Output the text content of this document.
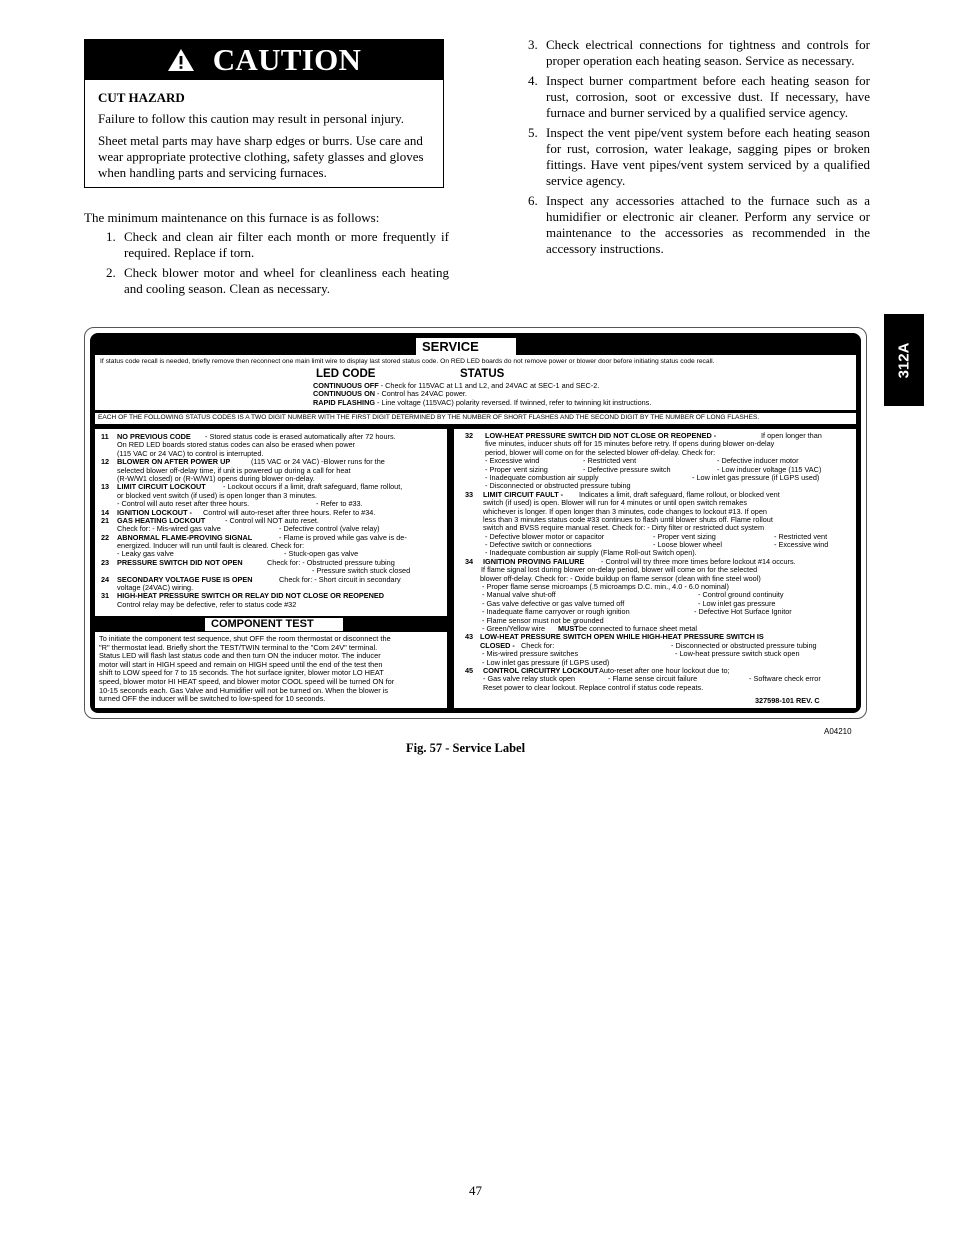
CAUTION
CUT HAZARD

Failure to follow this caution may result in personal injury.

Sheet metal parts may have sharp edges or burrs. Use care and wear appropriate protective clothing, safety glasses and gloves when handling parts and servicing furnaces.

The minimum maintenance on this furnace is as follows:
1. Check and clean air filter each month or more frequently if required. Replace if torn.
2. Check blower motor and wheel for cleanliness each heating and cooling season. Clean as necessary.
3. Check electrical connections for tightness and controls for proper operation each heating season. Service as necessary.
4. Inspect burner compartment before each heating season for rust, corrosion, soot or excessive dust. If necessary, have furnace and burner serviced by a qualified service agency.
5. Inspect the vent pipe/vent system before each heating season for rust, corrosion, water leakage, sagging pipes or broken fittings. Have vent pipes/vent system serviced by a qualified service agency.
6. Inspect any accessories attached to the furnace such as a humidifier or electronic air cleaner. Perform any service or maintenance to the accessories as recommended in the accessory instructions.
312A
SERVICE
If status code recall is needed, briefly remove then reconnect one main limit wire to display last stored status code. On RED LED boards do not remove power or blower door before initiating status code recall.
LED CODE	STATUS
CONTINUOUS OFF - Check for 115VAC at L1 and L2, and 24VAC at SEC-1 and SEC-2.
CONTINUOUS ON - Control has 24VAC power.
RAPID FLASHING - Line voltage (115VAC) polarity reversed. If twinned, refer to twinning kit instructions.
EACH OF THE FOLLOWING STATUS CODES IS A TWO DIGIT NUMBER WITH THE FIRST DIGIT DETERMINED BY THE NUMBER OF SHORT FLASHES AND THE SECOND DIGIT BY THE NUMBER OF LONG FLASHES.
11 NO PREVIOUS CODE - Stored status code is erased automatically after 72 hours.
On RED LED boards stored status codes can also be erased when power
(115 VAC or 24 VAC) to control is interrupted.
12 BLOWER ON AFTER POWER UP	(115 VAC or 24 VAC) -Blower runs for the
selected blower off-delay time, if unit is powered up during a call for heat
(R-W/W1 closed) or (R-W/W1) opens during blower on-delay.
13 LIMIT CIRCUIT LOCKOUT - Lockout occurs if a limit, draft safeguard, flame rollout,
or blocked vent switch (if used) is open longer than 3 minutes.
- Control will auto reset after three hours.	- Refer to #33.
14 IGNITION LOCKOUT - Control will auto-reset after three hours. Refer to #34.
21 GAS HEATING LOCKOUT	- Control will NOT auto reset.
Check for: - Mis-wired gas valve	- Defective control (valve relay)
22 ABNORMAL FLAME-PROVING SIGNAL	- Flame is proved while gas valve is de-
energized. Inducer will run until fault is cleared. Check for:
- Leaky gas valve	- Stuck-open gas valve
23 PRESSURE SWITCH DID NOT OPEN	Check for: - Obstructed pressure tubing
- Pressure switch stuck closed
24 SECONDARY VOLTAGE FUSE IS OPEN	Check for: - Short circuit in secondary
voltage (24VAC) wiring.
31 HIGH-HEAT PRESSURE SWITCH OR RELAY DID NOT CLOSE OR REOPENED
Control relay may be defective, refer to status code #32
32 LOW-HEAT PRESSURE SWITCH DID NOT CLOSE OR REOPENED -	If open longer than
five minutes, inducer shuts off for 15 minutes before retry. If opens during blower on-delay
period, blower will come on for the selected blower off-delay. Check for:
- Excessive wind	- Restricted vent	- Defective inducer motor
- Proper vent sizing	- Defective pressure switch	- Low inducer voltage (115 VAC)
- Inadequate combustion air supply	- Low inlet gas pressure (if LGPS used)
- Disconnected or obstructed pressure tubing
33 LIMIT CIRCUIT FAULT - Indicates a limit, draft safeguard, flame rollout, or blocked vent
switch (if used) is open. Blower will run for 4 minutes or until open switch remakes
whichever is longer. If open longer than 3 minutes, code changes to lockout #13. If open
less than 3 minutes status code #33 continues to flash until blower shuts off. Flame rollout
switch and BVSS require manual reset. Check for: - Dirty filter or restricted duct system
- Defective blower motor or capacitor	- Proper vent sizing	- Restricted vent
- Defective switch or connections	- Loose blower wheel	- Excessive wind
- Inadequate combustion air supply (Flame Roll-out Switch open).
34 IGNITION PROVING FAILURE - Control will try three more times before lockout #14 occurs.
If flame signal lost during blower on-delay period, blower will come on for the selected
blower off-delay. Check for: - Oxide buildup on flame sensor (clean with fine steel wool)
- Proper flame sense microamps (.5 microamps D.C. min., 4.0 - 6.0 nominal)
- Manual valve shut-off	- Control ground continuity
- Gas valve defective or gas valve turned off	- Low inlet gas pressure
- Inadequate flame carryover or rough ignition	- Defective Hot Surface Ignitor
- Flame sensor must not be grounded
- Green/Yellow wire MUST be connected to furnace sheet metal
43 LOW-HEAT PRESSURE SWITCH OPEN WHILE HIGH-HEAT PRESSURE SWITCH IS
CLOSED - Check for:	- Disconnected or obstructed pressure tubing
- Mis-wired pressure switches	- Low-heat pressure switch stuck open
- Low inlet gas pressure (if LGPS used)
45 CONTROL CIRCUITRY LOCKOUT Auto-reset after one hour lockout due to;
- Gas valve relay stuck open	- Flame sense circuit failure	- Software check error
Reset power to clear lockout. Replace control if status code repeats.
COMPONENT TEST
To initiate the component test sequence, shut OFF the room thermostat or disconnect the
"R" thermostat lead. Briefly short the TEST/TWIN terminal to the "Com 24V" terminal.
Status LED will flash last status code and then turn ON the inducer motor. The inducer
motor will start in HIGH speed and remain on HIGH speed until the end of the test then
shift to LOW speed for 7 to 15 seconds. The hot surface igniter, blower motor LO HEAT
speed, blower motor HI HEAT speed, and blower motor COOL speed will be turned ON for
10-15 seconds each. Gas Valve and Humidifier will not be turned on. When the blower is
turned OFF the inducer will be switched to low-speed for 10 seconds.	327598-101 REV. C
A04210
Fig. 57 - Service Label
47
